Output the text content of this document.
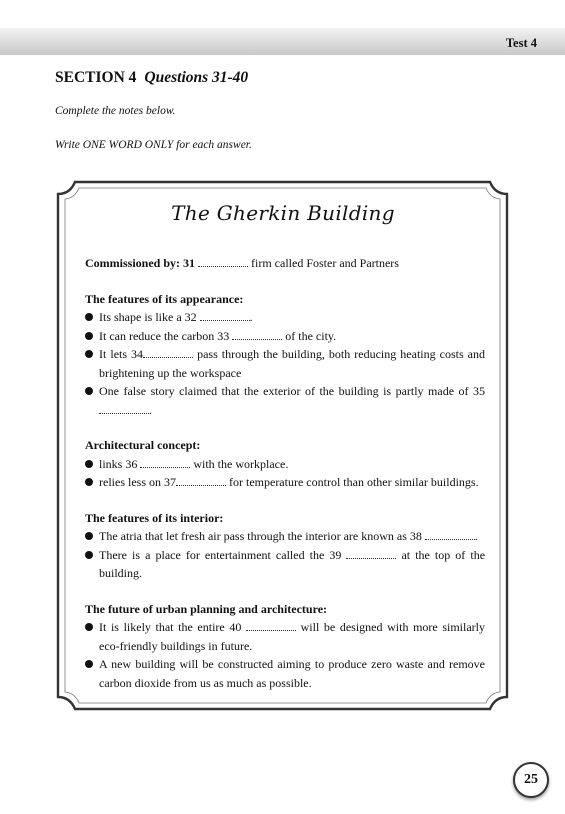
Test 4
SECTION 4 Questions 31-40
Complete the notes below.
Write ONE WORD ONLY for each answer.
The Gherkin Building
Commissioned by: 31	firm called Foster and Partners
The features of its appearance:
Its shape is like a 32	.
It can reduce the carbon 33	of the city.
It lets 34	pass through the building, both reducing heating costs and brightening up the workspace
One false story claimed that the exterior of the building is partly made of 35 .
Architectural concept:
links 36	with the workplace.
relies less on 37	for temperature control than other similar buildings.
The features of its interior:
The atria that let fresh air pass through the interior are known as 38	.
There is a place for entertainment called the 39	at the top of the building.
The future of urban planning and architecture:
It is likely that the entire 40	will be designed with more similarly eco-friendly buildings in future.
A new building will be constructed aiming to produce zero waste and remove carbon dioxide from us as much as possible.
25
